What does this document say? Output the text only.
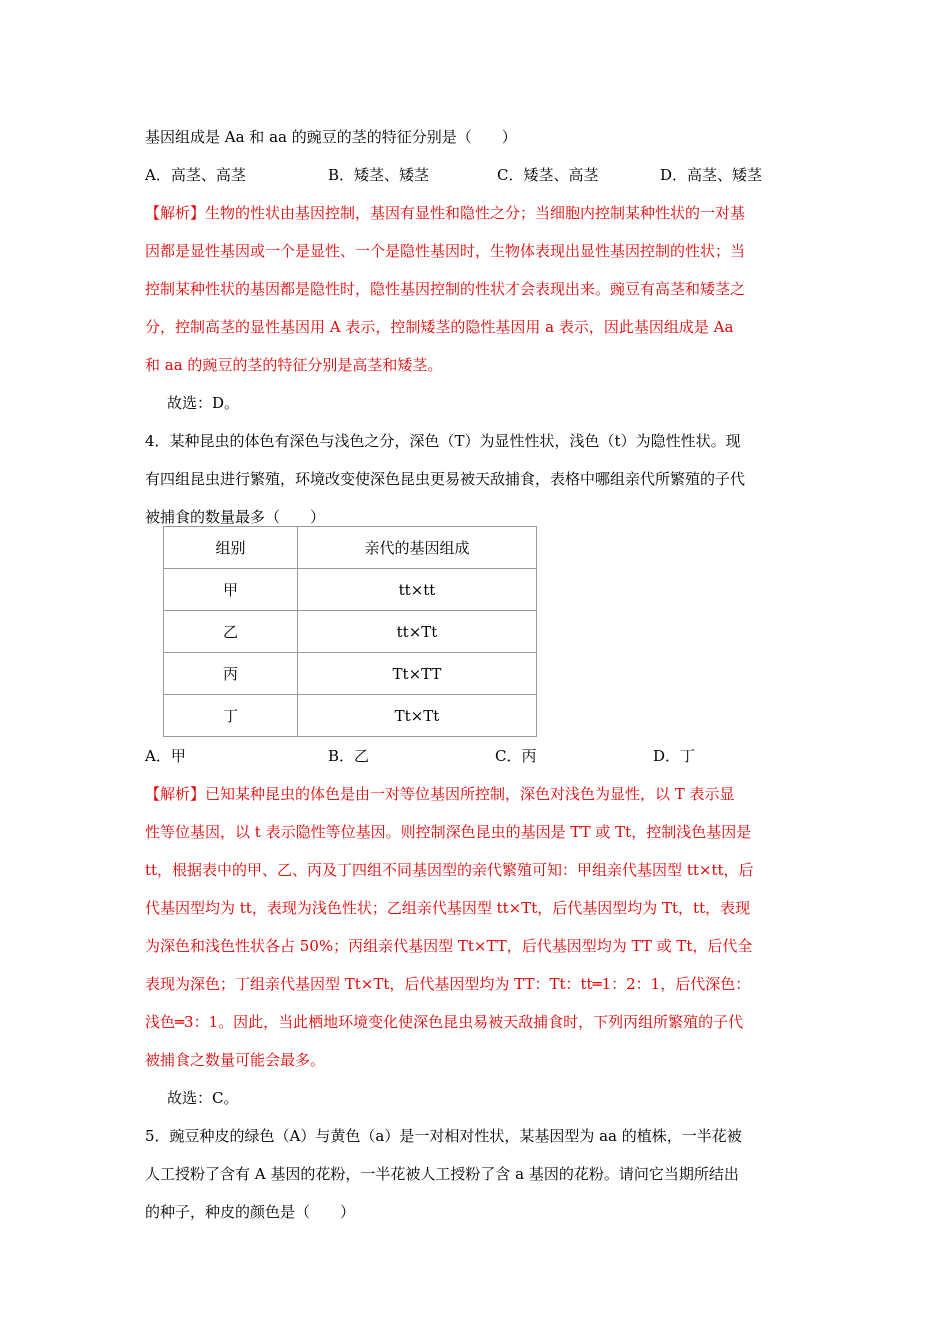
基因组成是 Aa 和 aa 的豌豆的茎的特征分别是（　　）
A．高茎、高茎	B．矮茎、矮茎	C．矮茎、高茎	D．高茎、矮茎
【解析】生物的性状由基因控制，基因有显性和隐性之分；当细胞内控制某种性状的一对基
因都是显性基因或一个是显性、一个是隐性基因时，生物体表现出显性基因控制的性状；当
控制某种性状的基因都是隐性时，隐性基因控制的性状才会表现出来。豌豆有高茎和矮茎之
分，控制高茎的显性基因用 A 表示，控制矮茎的隐性基因用 a 表示，因此基因组成是 Aa
和 aa 的豌豆的茎的特征分别是高茎和矮茎。
故选：D。
4．某种昆虫的体色有深色与浅色之分，深色（T）为显性性状，浅色（t）为隐性性状。现
有四组昆虫进行繁殖，环境改变使深色昆虫更易被天敌捕食，表格中哪组亲代所繁殖的子代
被捕食的数量最多（　　）
组别	亲代的基因组成
甲	tt×tt
乙	tt×Tt
丙	Tt×TT
丁	Tt×Tt
A．甲	B．乙	C．丙	D．丁
【解析】已知某种昆虫的体色是由一对等位基因所控制，深色对浅色为显性，以 T 表示显
性等位基因，以 t 表示隐性等位基因。则控制深色昆虫的基因是 TT 或 Tt，控制浅色基因是
tt，根据表中的甲、乙、丙及丁四组不同基因型的亲代繁殖可知：甲组亲代基因型 tt×tt，后
代基因型均为 tt，表现为浅色性状；乙组亲代基因型 tt×Tt，后代基因型均为 Tt，tt，表现
为深色和浅色性状各占 50%；丙组亲代基因型 Tt×TT，后代基因型均为 TT 或 Tt，后代全
表现为深色；丁组亲代基因型 Tt×Tt，后代基因型均为 TT：Tt：tt═1：2：1，后代深色：
浅色═3：1。因此，当此栖地环境变化使深色昆虫易被天敌捕食时，下列丙组所繁殖的子代
被捕食之数量可能会最多。
故选：C。
5．豌豆种皮的绿色（A）与黄色（a）是一对相对性状，某基因型为 aa 的植株，一半花被
人工授粉了含有 A 基因的花粉，一半花被人工授粉了含 a 基因的花粉。请问它当期所结出
的种子，种皮的颜色是（　　）
